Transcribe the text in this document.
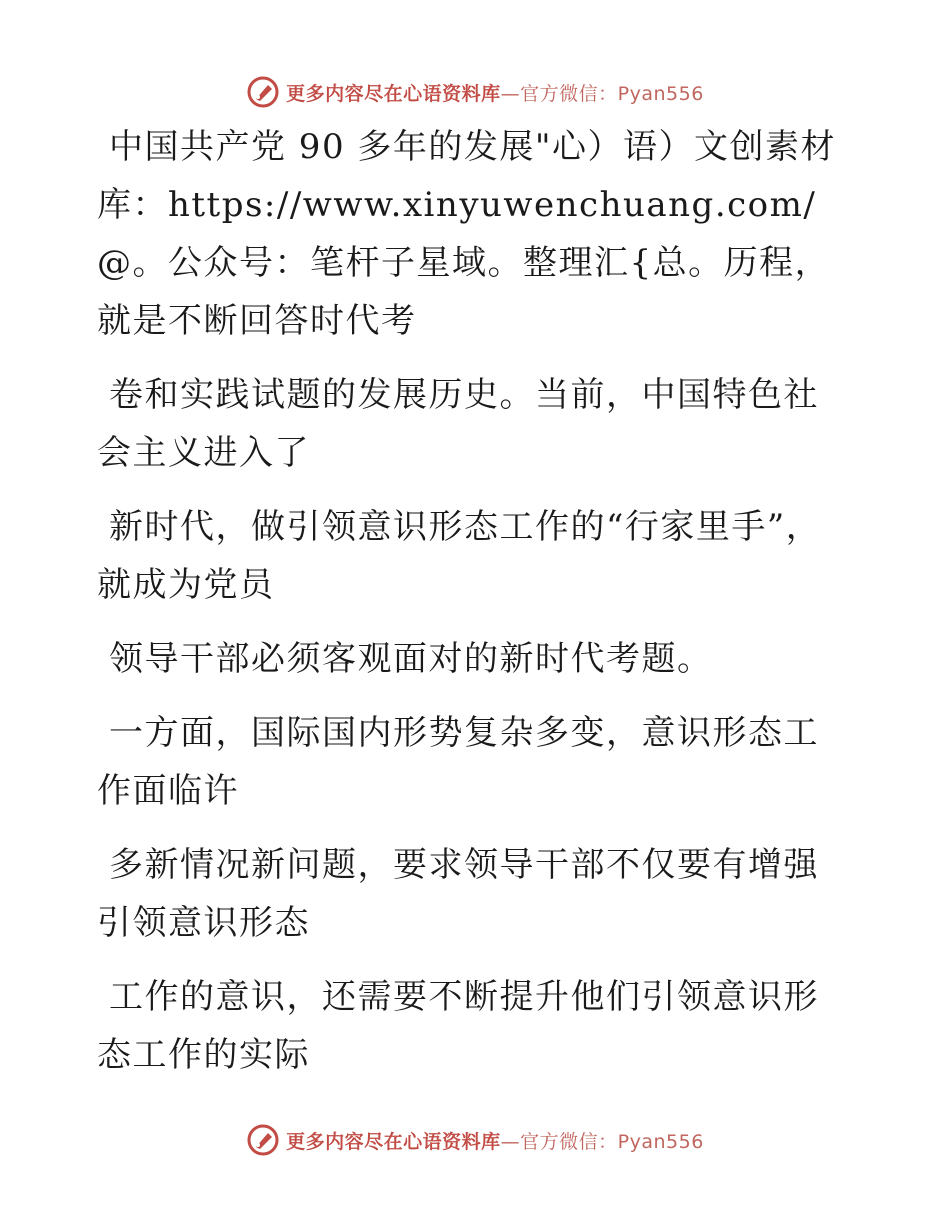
更多内容尽在心语资料库—官方微信：Pyan556

中国共产党 90 多年的发展"心）语）文创素材库：https://www.xinyuwenchuang.com/@。公众号：笔杆子星域。整理汇{总。历程，就是不断回答时代考

卷和实践试题的发展历史。当前，中国特色社会主义进入了

新时代，做引领意识形态工作的“行家里手”，就成为党员

领导干部必须客观面对的新时代考题。

一方面，国际国内形势复杂多变，意识形态工作面临许

多新情况新问题，要求领导干部不仅要有增强引领意识形态

工作的意识，还需要不断提升他们引领意识形态工作的实际

更多内容尽在心语资料库—官方微信：Pyan556
